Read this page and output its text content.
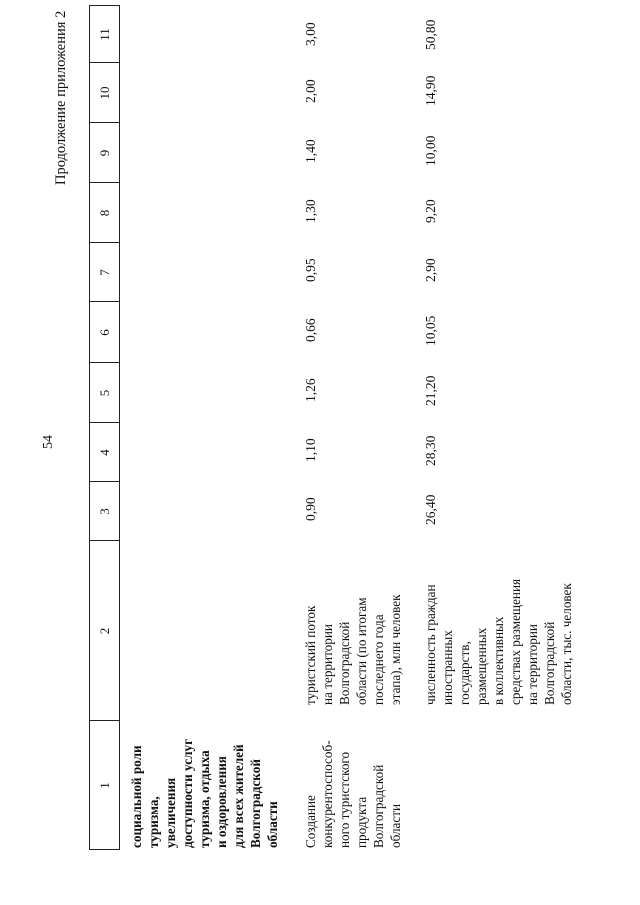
54
Продолжение приложения 2
1
2
3
4
5
6
7
8
9
10
11
социальной роли туризма, увеличения доступности услуг туризма, отдыха и оздоровления для всех жителей Волгоградской области Создание конкурентоспособ- ного туристского продукта Волгоградской области
туристский поток на территории Волгоградской области (по итогам последнего года этапа), млн человек
0,90
1,10
1,26
0,66
0,95
1,30
1,40
2,00
3,00
численность граждан иностранных государств, размещенных в коллективных средствах размещения на территории Волгоградской области, тыс. человек
26,40
28,30
21,20
10,05
2,90
9,20
10,00
14,90
50,80
